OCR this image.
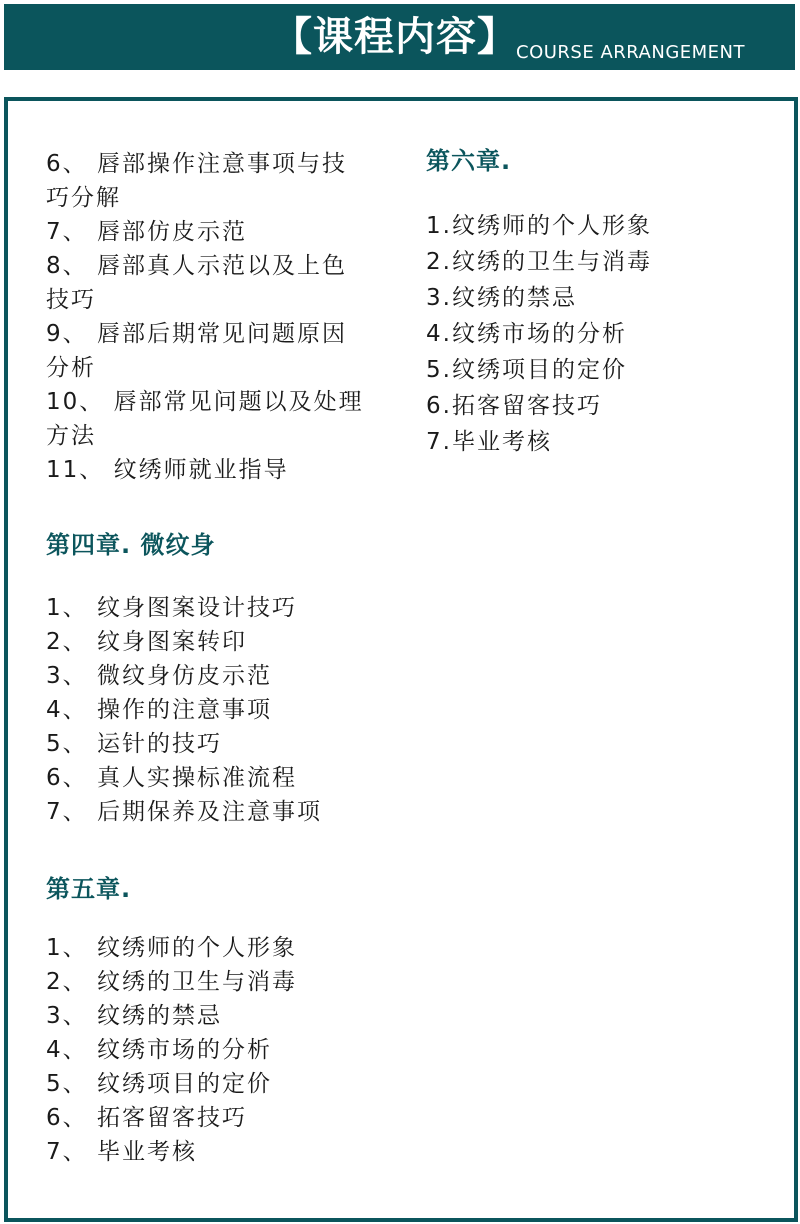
【课程内容】
COURSE ARRANGEMENT
6、 唇部操作注意事项与技
巧分解
7、 唇部仿皮示范
8、 唇部真人示范以及上色
技巧
9、 唇部后期常见问题原因
分析
10、 唇部常见问题以及处理
方法
11、 纹绣师就业指导
第四章. 微纹身
1、 纹身图案设计技巧
2、 纹身图案转印
3、 微纹身仿皮示范
4、 操作的注意事项
5、 运针的技巧
6、 真人实操标准流程
7、 后期保养及注意事项
第五章.
1、 纹绣师的个人形象
2、 纹绣的卫生与消毒
3、 纹绣的禁忌
4、 纹绣市场的分析
5、 纹绣项目的定价
6、 拓客留客技巧
7、 毕业考核
第六章.
1.纹绣师的个人形象
2.纹绣的卫生与消毒
3.纹绣的禁忌
4.纹绣市场的分析
5.纹绣项目的定价
6.拓客留客技巧
7.毕业考核
